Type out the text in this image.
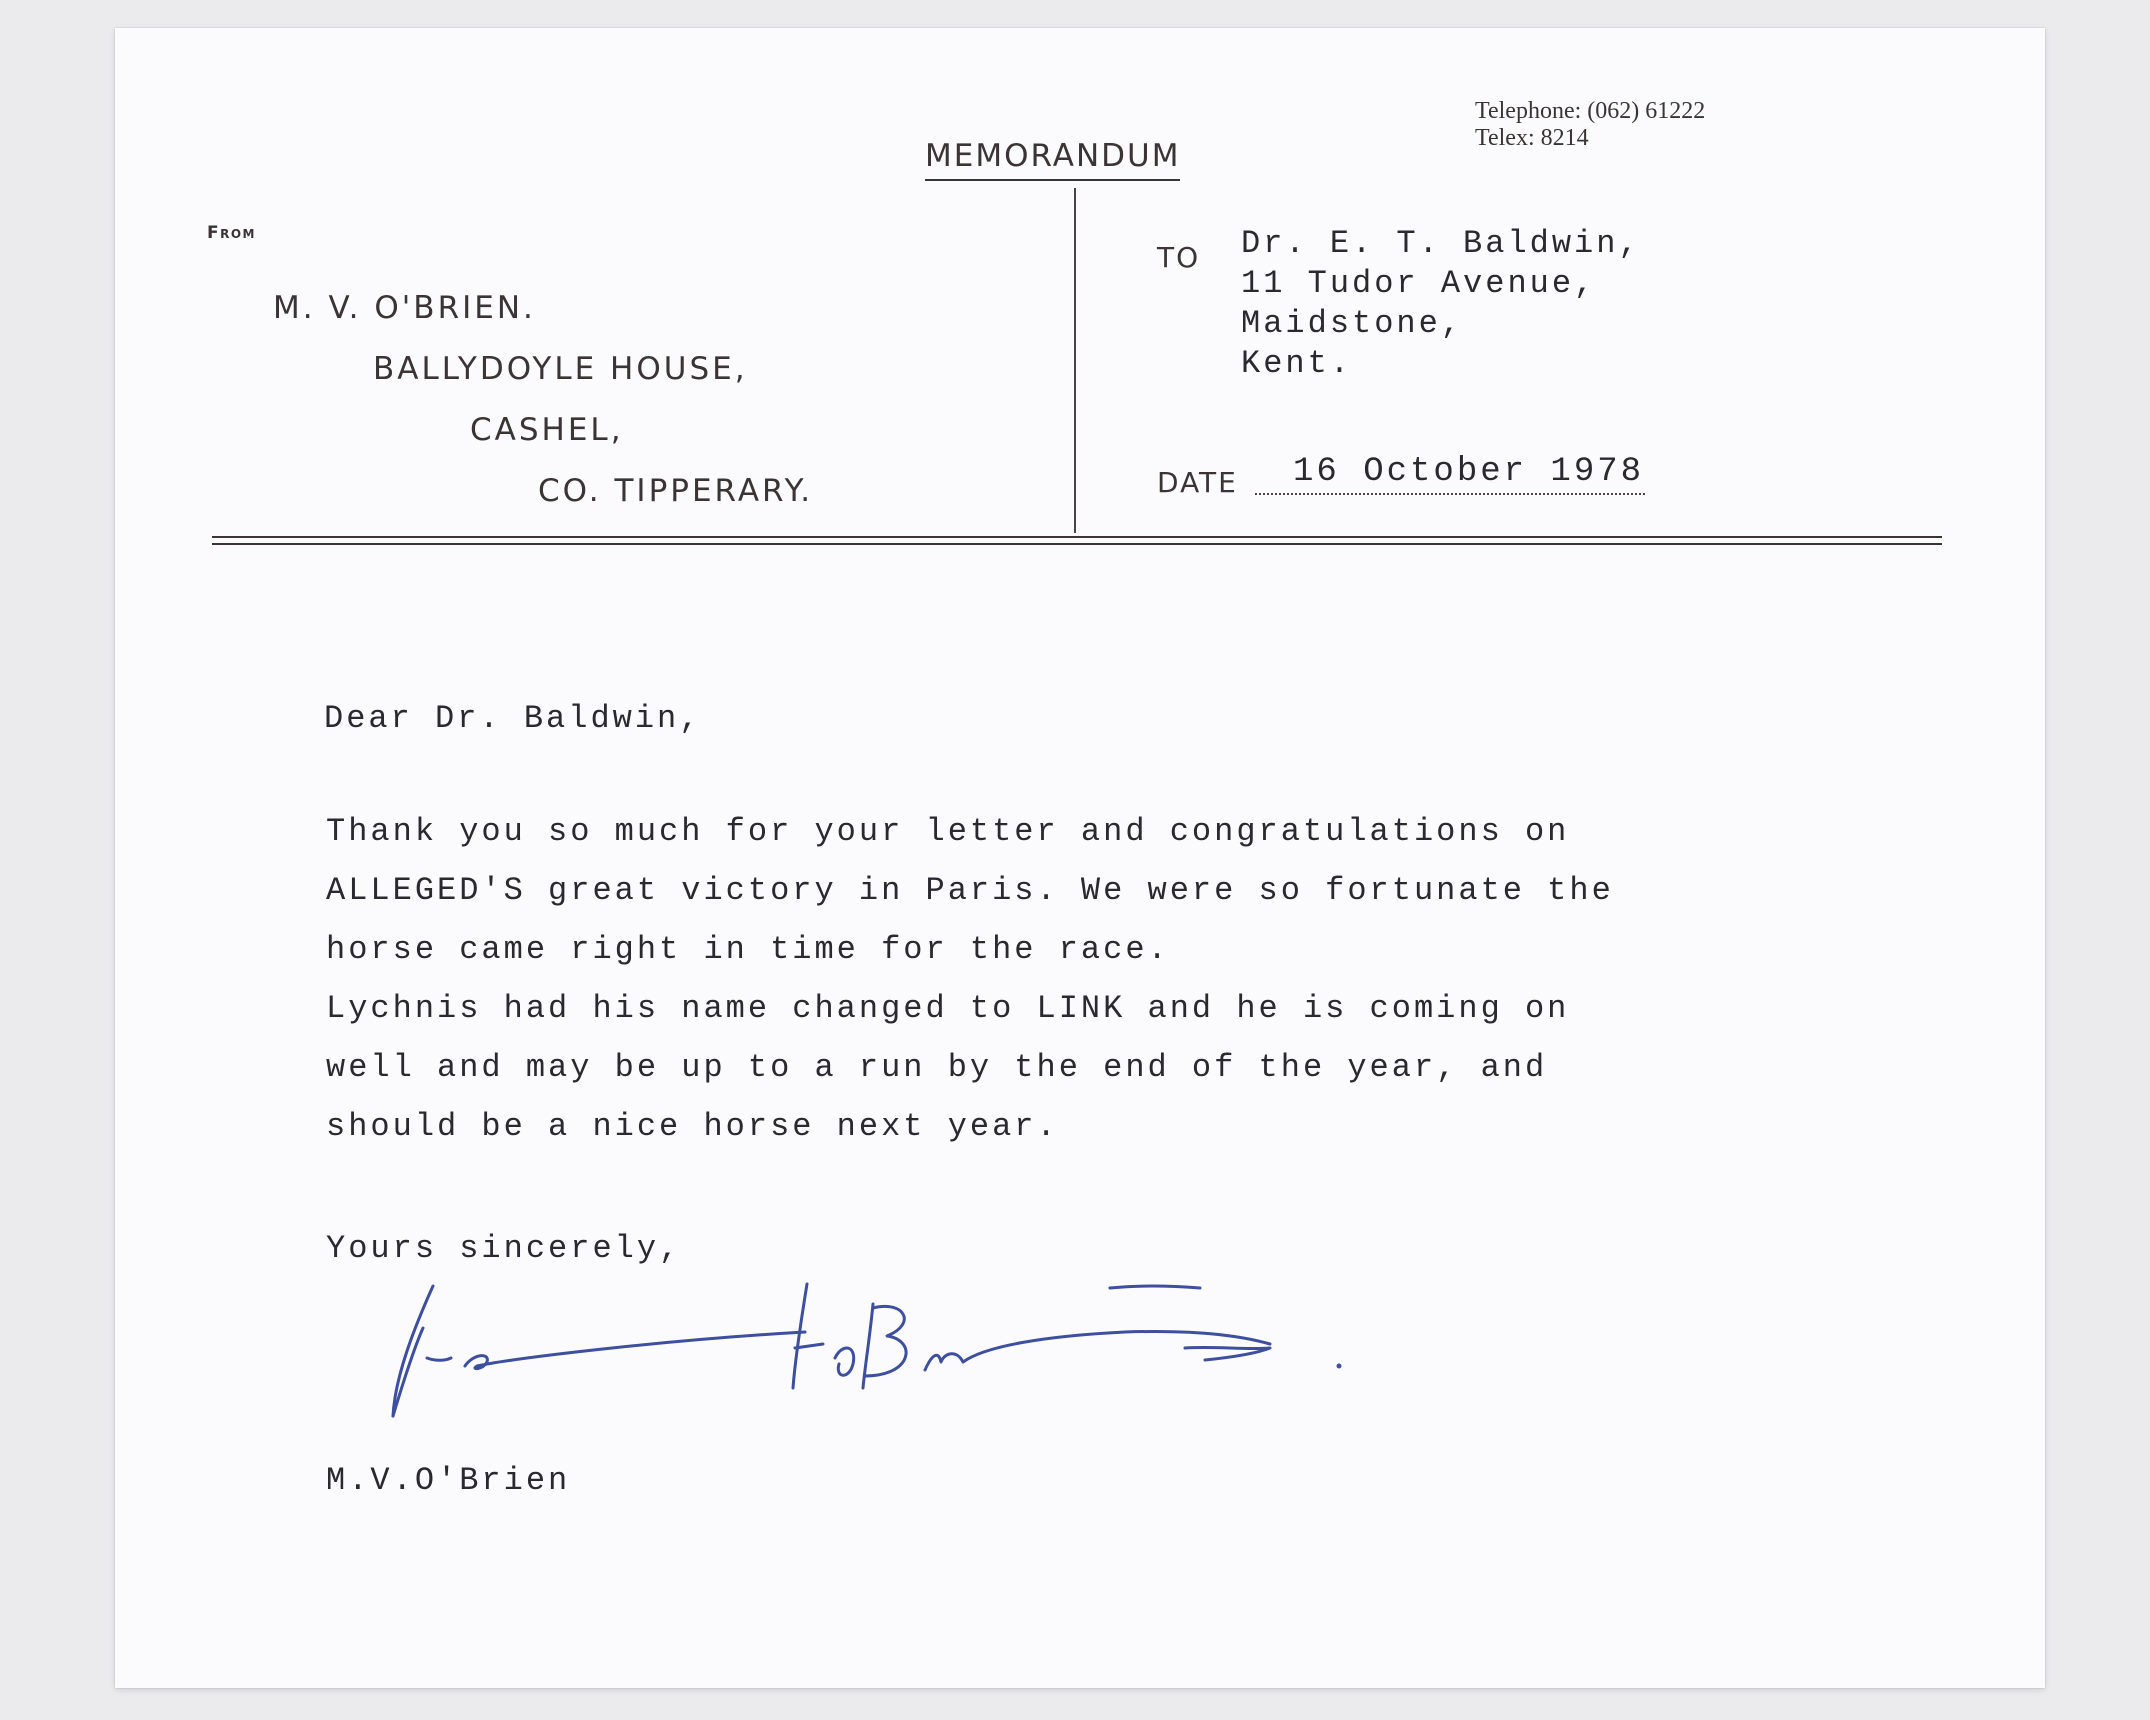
Telephone: (062) 61222
Telex: 8214
MEMORANDUM
From
M. V. O'BRIEN.
BALLYDOYLE HOUSE,
CASHEL,
CO. TIPPERARY.
TO Dr. E. T. Baldwin,
11 Tudor Avenue,
Maidstone,
Kent.
DATE 16 October 1978
Dear Dr. Baldwin,
Thank you so much for your letter and congratulations on
ALLEGED'S great victory in Paris. We were so fortunate the
horse came right in time for the race.
Lychnis had his name changed to LINK and he is coming on
well and may be up to a run by the end of the year, and
should be a nice horse next year.
Yours sincerely,
M.V.O'Brien
